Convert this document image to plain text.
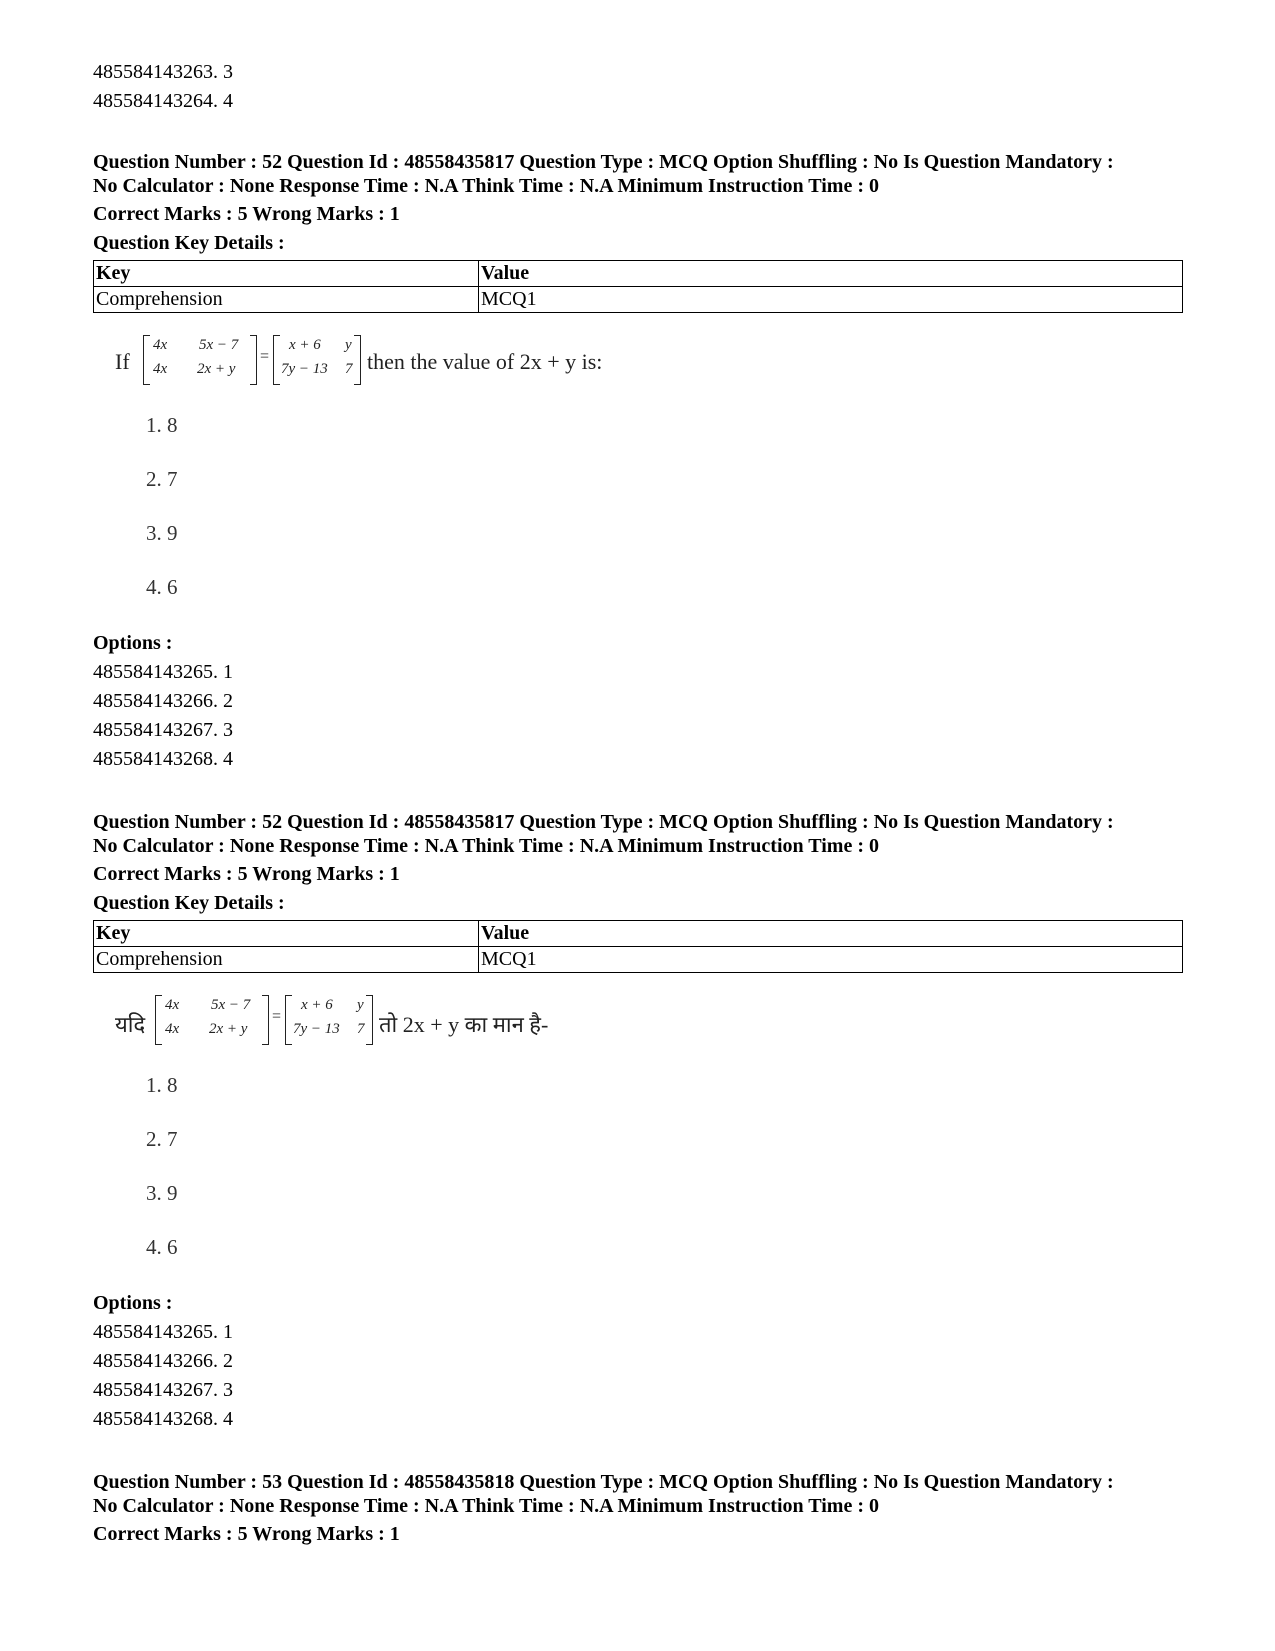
485584143263. 3
485584143264. 4
Question Number : 52 Question Id : 48558435817 Question Type : MCQ Option Shuffling : No Is Question Mandatory :
No Calculator : None Response Time : N.A Think Time : N.A Minimum Instruction Time : 0
Correct Marks : 5 Wrong Marks : 1
Question Key Details :
Key	Value
Comprehension	MCQ1
If
4x 5x − 7
4x 2x + y
=
x + 6 y
7y − 13 7 then the value of 2x + y is:
1. 8
2. 7
3. 9
4. 6
Options :
485584143265. 1
485584143266. 2
485584143267. 3
485584143268. 4
Question Number : 52 Question Id : 48558435817 Question Type : MCQ Option Shuffling : No Is Question Mandatory :
No Calculator : None Response Time : N.A Think Time : N.A Minimum Instruction Time : 0
Correct Marks : 5 Wrong Marks : 1
Question Key Details :
Key	Value
Comprehension	MCQ1
यदि
4x 5x − 7
4x 2x + y
=
x + 6 y
7y − 13 7 तो 2x + y का मान है-
1. 8
2. 7
3. 9
4. 6
Options :
485584143265. 1
485584143266. 2
485584143267. 3
485584143268. 4
Question Number : 53 Question Id : 48558435818 Question Type : MCQ Option Shuffling : No Is Question Mandatory :
No Calculator : None Response Time : N.A Think Time : N.A Minimum Instruction Time : 0
Correct Marks : 5 Wrong Marks : 1
